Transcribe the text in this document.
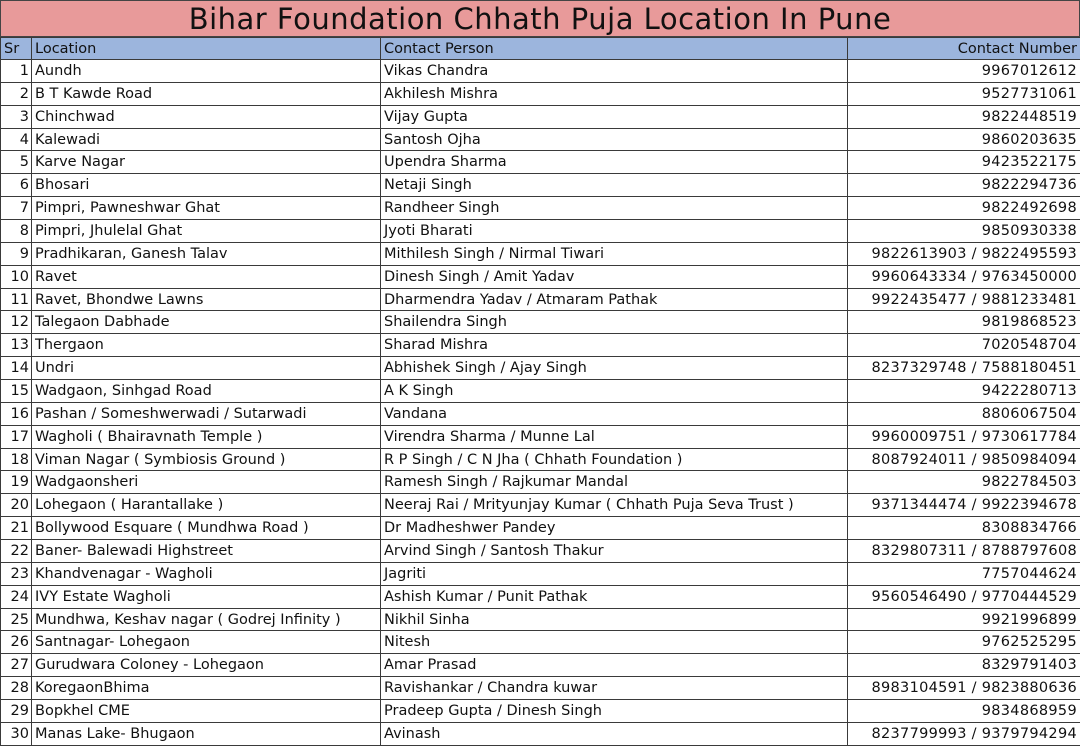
Bihar Foundation Chhath Puja Location In Pune
Sr	Location	Contact Person	Contact Number
1	Aundh	Vikas Chandra	9967012612
2	B T Kawde Road	Akhilesh Mishra	9527731061
3	Chinchwad	Vijay Gupta	9822448519
4	Kalewadi	Santosh Ojha	9860203635
5	Karve Nagar	Upendra Sharma	9423522175
6	Bhosari	Netaji Singh	9822294736
7	Pimpri, Pawneshwar Ghat	Randheer Singh	9822492698
8	Pimpri, Jhulelal Ghat	Jyoti Bharati	9850930338
9	Pradhikaran, Ganesh Talav	Mithilesh Singh / Nirmal Tiwari	9822613903 / 9822495593
10	Ravet	Dinesh Singh / Amit Yadav	9960643334 / 9763450000
11	Ravet, Bhondwe Lawns	Dharmendra Yadav / Atmaram Pathak	9922435477 / 9881233481
12	Talegaon Dabhade	Shailendra Singh	9819868523
13	Thergaon	Sharad Mishra	7020548704
14	Undri	Abhishek Singh / Ajay Singh	8237329748 / 7588180451
15	Wadgaon, Sinhgad Road	A K Singh	9422280713
16	Pashan / Someshwerwadi / Sutarwadi	Vandana	8806067504
17	Wagholi ( Bhairavnath Temple )	Virendra Sharma / Munne Lal	9960009751 / 9730617784
18	Viman Nagar ( Symbiosis Ground )	R P Singh / C N Jha ( Chhath Foundation )	8087924011 / 9850984094
19	Wadgaonsheri	Ramesh Singh / Rajkumar Mandal	9822784503
20	Lohegaon ( Harantallake )	Neeraj Rai / Mrityunjay Kumar ( Chhath Puja Seva Trust )	9371344474 / 9922394678
21	Bollywood Esquare ( Mundhwa Road )	Dr Madheshwer Pandey	8308834766
22	Baner- Balewadi Highstreet	Arvind Singh / Santosh Thakur	8329807311 / 8788797608
23	Khandvenagar - Wagholi	Jagriti	7757044624
24	IVY Estate Wagholi	Ashish Kumar / Punit Pathak	9560546490 / 9770444529
25	Mundhwa, Keshav nagar ( Godrej Infinity )	Nikhil Sinha	9921996899
26	Santnagar- Lohegaon	Nitesh	9762525295
27	Gurudwara Coloney - Lohegaon	Amar Prasad	8329791403
28	KoregaonBhima	Ravishankar / Chandra kuwar	8983104591 / 9823880636
29	Bopkhel CME	Pradeep Gupta / Dinesh Singh	9834868959
30	Manas Lake- Bhugaon	Avinash	8237799993 / 9379794294
